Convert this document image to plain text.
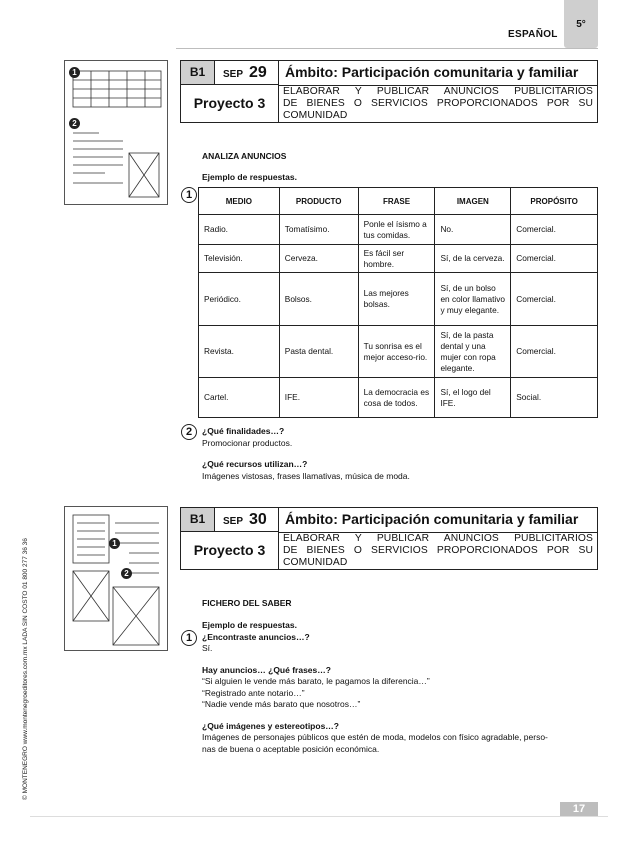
ESPAÑOL
5°
1
2
B1	SEP 29	Ámbito: Participación comunitaria y familiar
Proyecto 3
ELABORAR Y PUBLICAR ANUNCIOS PUBLICITARIOS
DE BIENES O SERVICIOS PROPORCIONADOS POR SU
COMUNIDAD
ANALIZA ANUNCIOS
Ejemplo de respuestas.
1	MEDIO	PRODUCTO	FRASE	IMAGEN	PROPÓSITO
Radio.	Tomatísimo.	Ponle el ísismo a tus comidas.	No.	Comercial.
Televisión.	Cerveza.	Es fácil ser hombre.	Sí, de la cerveza.	Comercial.
Periódico.	Bolsos.	Las mejores bolsas.	Sí, de un bolso en color llamativo y muy elegante.	Comercial.
Revista.	Pasta dental.	Tu sonrisa es el mejor acceso-rio.	Sí, de la pasta dental y una mujer con ropa elegante.	Comercial.
Cartel.	IFE.	La democracia es cosa de todos.	Sí, el logo del IFE.	Social.
2	¿Qué finalidades…?
Promocionar productos.
¿Qué recursos utilizan…?
Imágenes vistosas, frases llamativas, música de moda.
1
2
B1	SEP 30	Ámbito: Participación comunitaria y familiar
Proyecto 3
ELABORAR Y PUBLICAR ANUNCIOS PUBLICITARIOS
DE BIENES O SERVICIOS PROPORCIONADOS POR SU
COMUNIDAD
FICHERO DEL SABER
Ejemplo de respuestas.
¿Encontraste anuncios…?
Sí.
Hay anuncios… ¿Qué frases…?
“Si alguien le vende más barato, le pagamos la diferencia…”
“Registrado ante notario…”
“Nadie vende más barato que nosotros…”
¿Qué imágenes y estereotipos…?
Imágenes de personajes públicos que estén de moda, modelos con físico agradable, perso-
nas de buena o aceptable posición económica.
1
17
© MONTENEGRO www.montenegroeditores.com.mx LADA SIN COSTO 01 800 277 36 36
